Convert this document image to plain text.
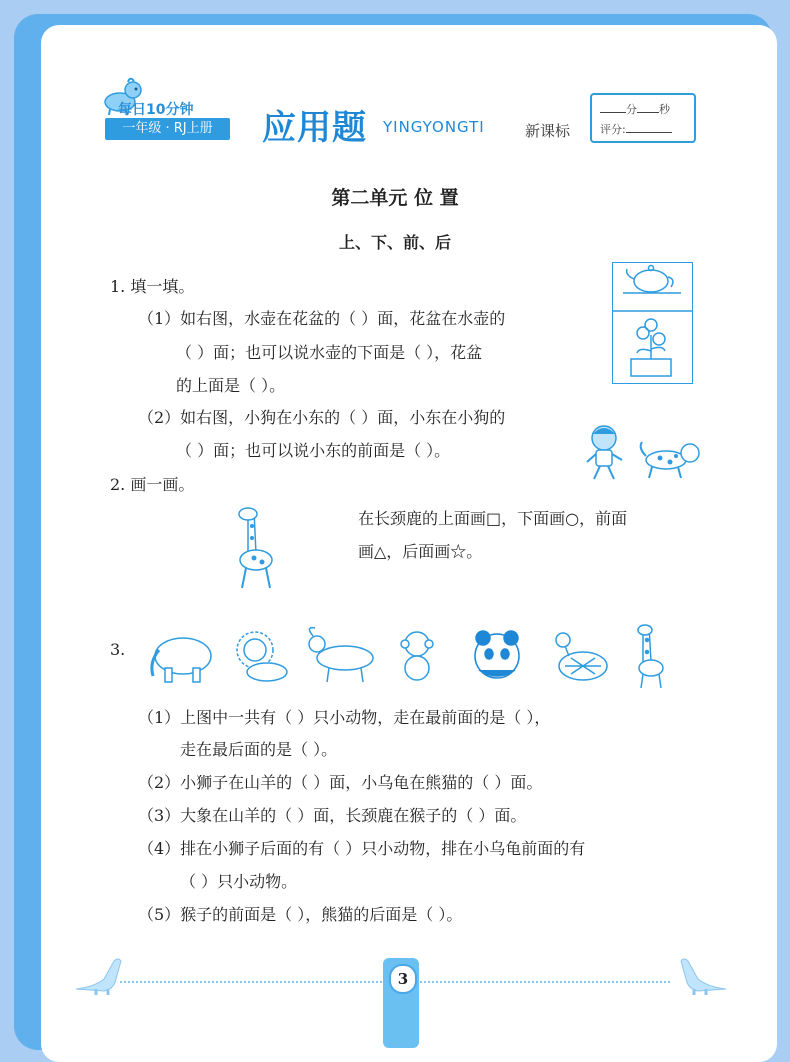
每日10分钟
一年级 · RJ上册	应用题 YINGYONGTI	新课标
分 秒
评分:
第二单元 位 置
上、下、前、后
1. 填一填。
（1）如右图，水壶在花盆的（ ）面，花盆在水壶的
（ ）面；也可以说水壶的下面是（ ），花盆
的上面是（ ）。
（2）如右图，小狗在小东的（ ）面，小东在小狗的
（ ）面；也可以说小东的前面是（ ）。
2. 画一画。
在长颈鹿的上面画□，下面画○，前面
画△，后面画☆。
3.
（1）上图中一共有（ ）只小动物，走在最前面的是（ ），
走在最后面的是（ ）。
（2）小狮子在山羊的（ ）面，小乌龟在熊猫的（ ）面。
（3）大象在山羊的（ ）面，长颈鹿在猴子的（ ）面。
（4）排在小狮子后面的有（ ）只小动物，排在小乌龟前面的有
（ ）只小动物。
（5）猴子的前面是（ ），熊猫的后面是（ ）。
3
